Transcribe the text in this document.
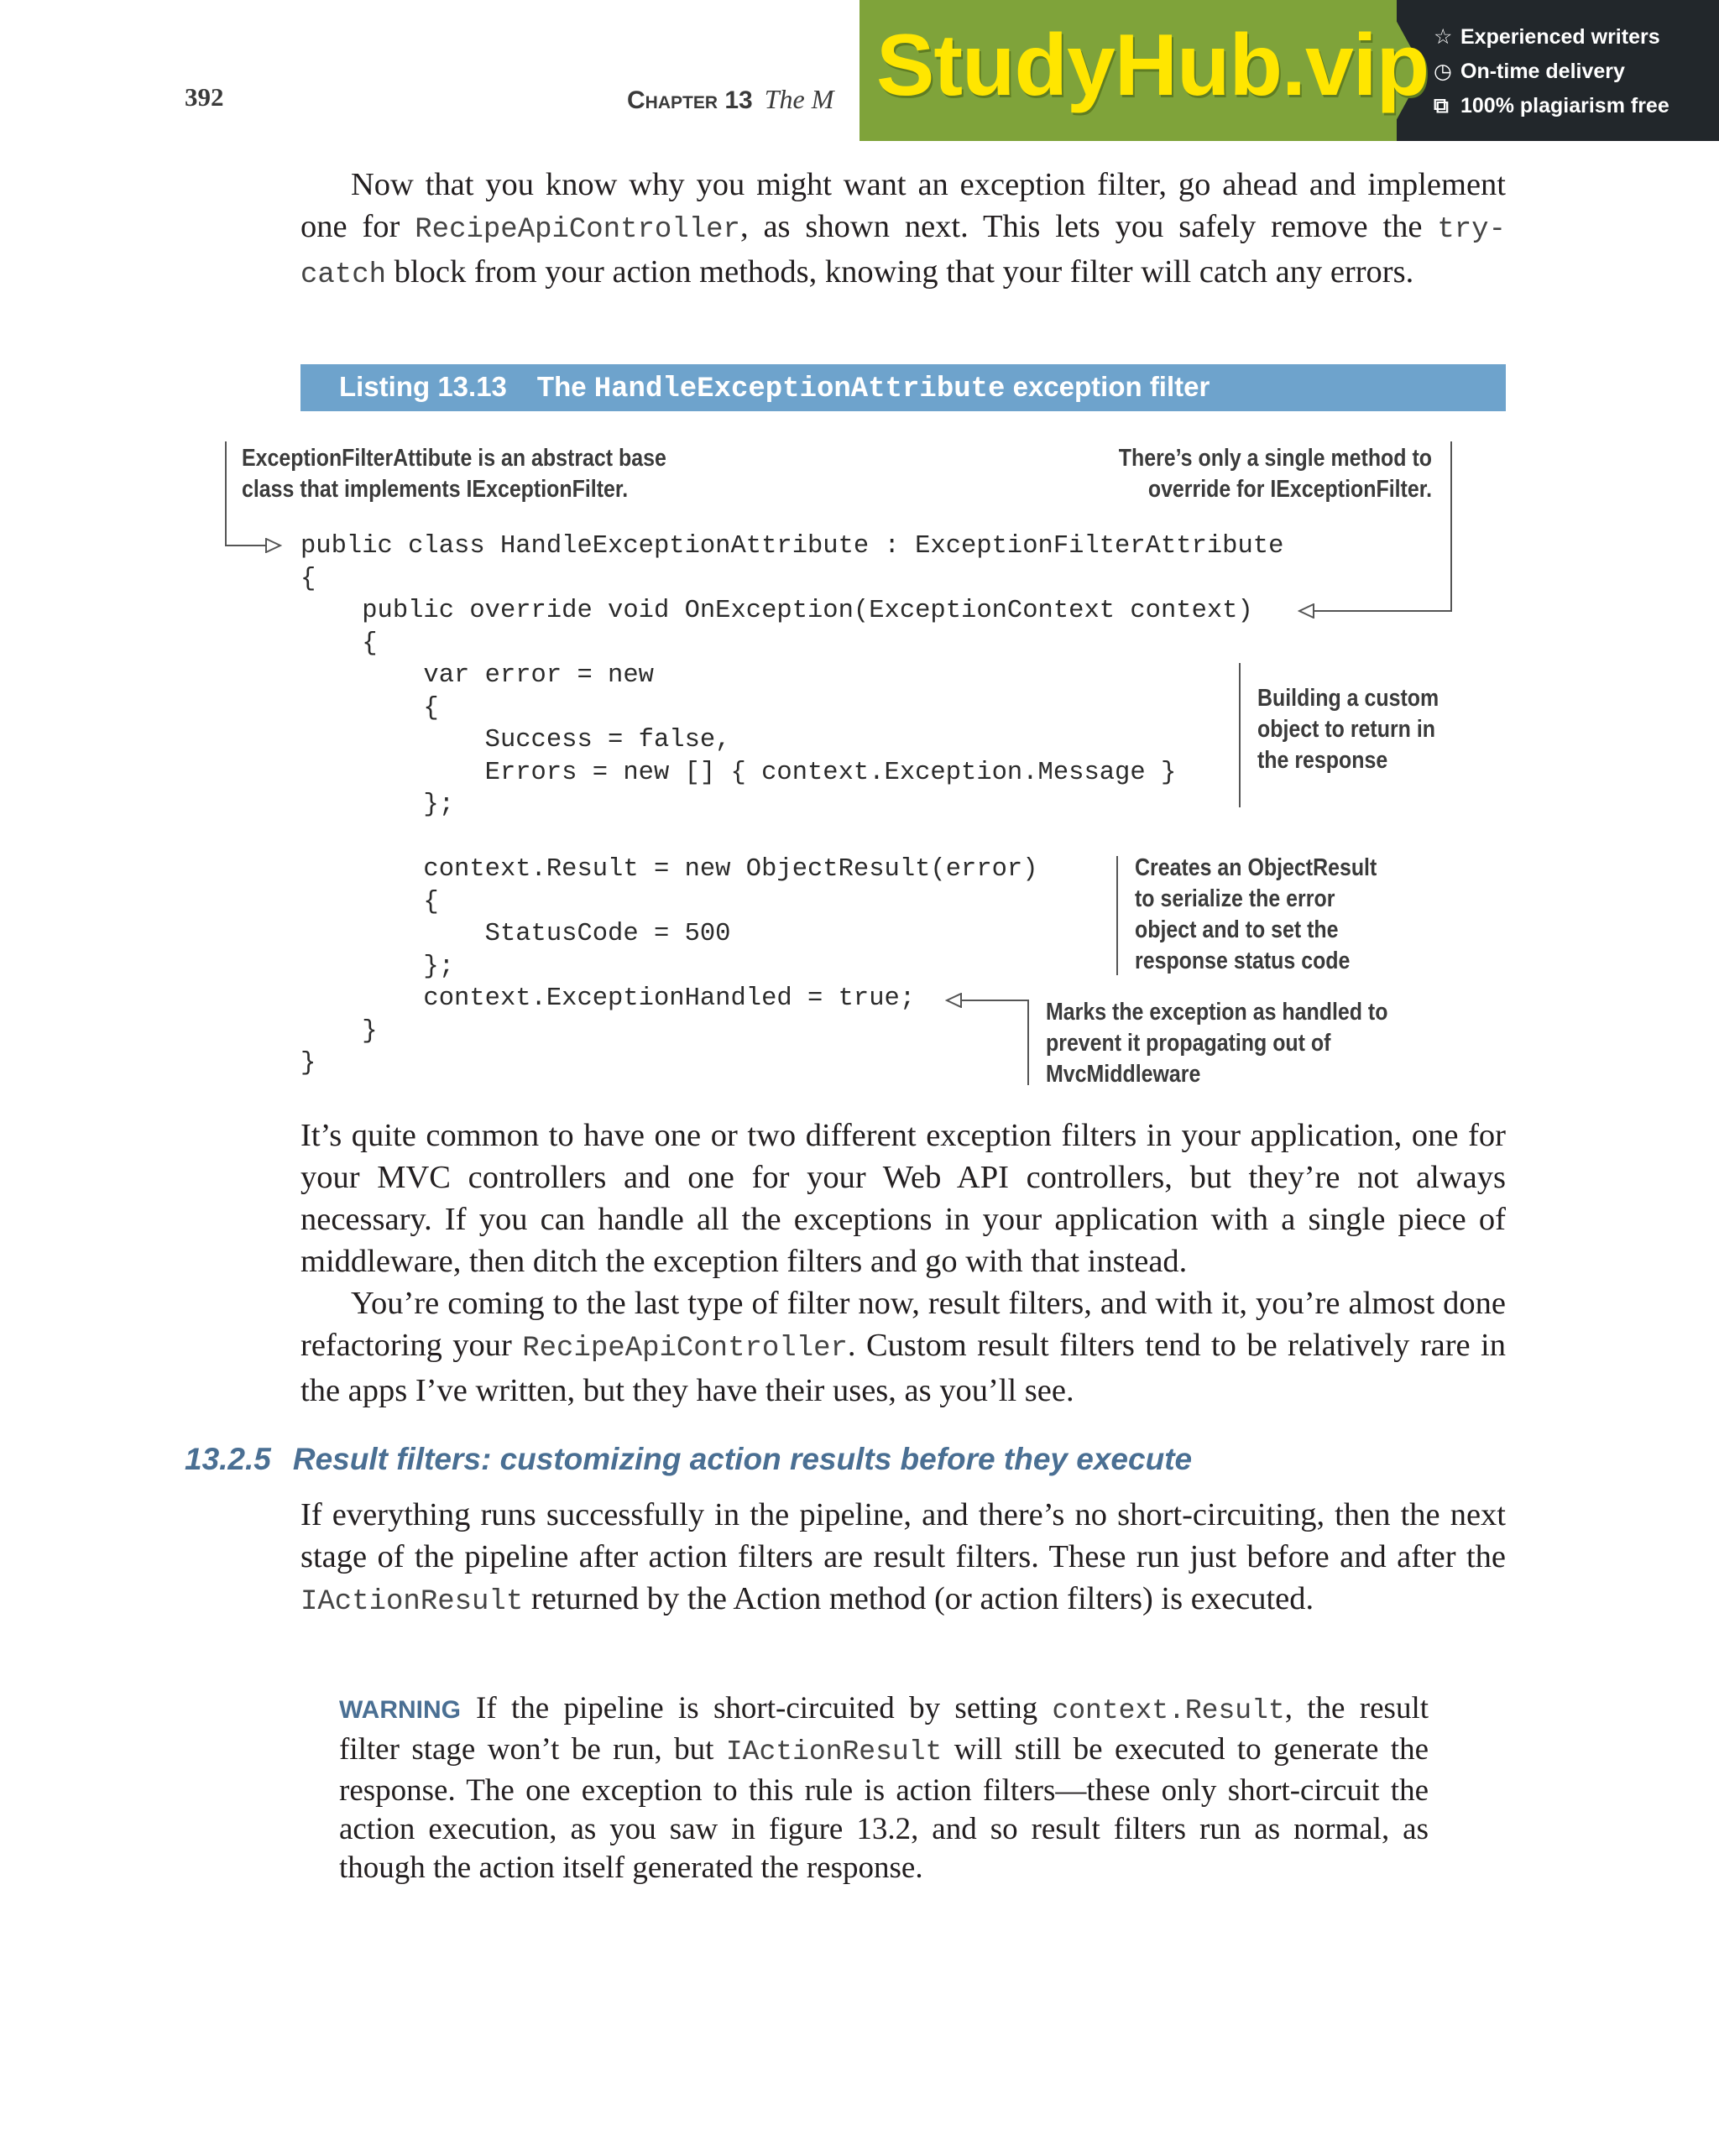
392	Chapter 13 The M StudyHub.vip ☆ Experienced writers
◷ On-time delivery
⧉ 100% plagiarism free

Now that you know why you might want an exception filter, go ahead and implement one for RecipeApiController, as shown next. This lets you safely remove the try-catch block from your action methods, knowing that your filter will catch any errors.

Listing 13.13 The HandleExceptionAttribute exception filter
public class HandleExceptionAttribute : ExceptionFilterAttribute
{
public override void OnException(ExceptionContext context)
{
var error = new
{
Success = false,
Errors = new [] { context.Exception.Message }
};
context.Result = new ObjectResult(error)
{
StatusCode = 500
};
context.ExceptionHandled = true;
}
}
ExceptionFilterAttibute is an abstract base
class that implements IExceptionFilter.
There’s only a single method to
override for IExceptionFilter.
Building a custom
object to return in
the response
Creates an ObjectResult
to serialize the error
object and to set the
response status code
Marks the exception as handled to
prevent it propagating out of
MvcMiddleware

It’s quite common to have one or two different exception filters in your application, one for your MVC controllers and one for your Web API controllers, but they’re not always necessary. If you can handle all the exceptions in your application with a single piece of middleware, then ditch the exception filters and go with that instead.

You’re coming to the last type of filter now, result filters, and with it, you’re almost done refactoring your RecipeApiController. Custom result filters tend to be relatively rare in the apps I’ve written, but they have their uses, as you’ll see.

13.2.5 Result filters: customizing action results before they execute

If everything runs successfully in the pipeline, and there’s no short-circuiting, then the next stage of the pipeline after action filters are result filters. These run just before and after the IActionResult returned by the Action method (or action filters) is executed.

WARNING If the pipeline is short-circuited by setting context.Result, the result filter stage won’t be run, but IActionResult will still be executed to generate the response. The one exception to this rule is action filters—these only short-circuit the action execution, as you saw in figure 13.2, and so result filters run as normal, as though the action itself generated the response.
